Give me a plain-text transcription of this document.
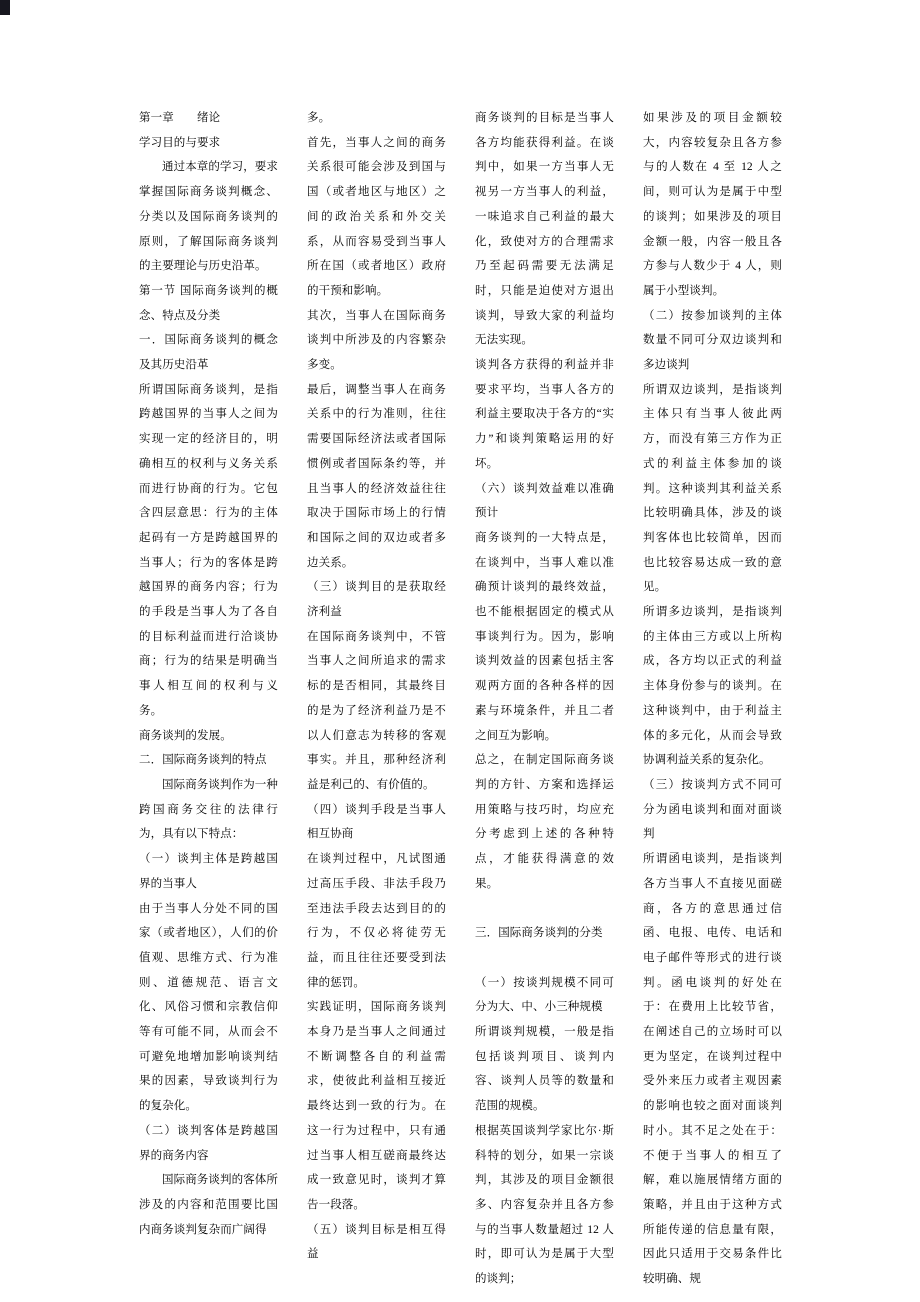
第一章　　绪论

学习目的与要求

通过本章的学习，要求掌握国际商务谈判概念、分类以及国际商务谈判的原则，了解国际商务谈判的主要理论与历史沿革。

第一节 国际商务谈判的概念、特点及分类

一．国际商务谈判的概念及其历史沿革

所谓国际商务谈判，是指跨越国界的当事人之间为实现一定的经济目的，明确相互的权利与义务关系而进行协商的行为。它包含四层意思：行为的主体起码有一方是跨越国界的当事人；行为的客体是跨越国界的商务内容；行为的手段是当事人为了各自的目标利益而进行洽谈协商；行为的结果是明确当事人相互间的权利与义务。

商务谈判的发展。

二．国际商务谈判的特点

国际商务谈判作为一种跨国商务交往的法律行为，具有以下特点：

（一）谈判主体是跨越国界的当事人

由于当事人分处不同的国家（或者地区），人们的价值观、思维方式、行为准则、道德规范、语言文化、风俗习惯和宗教信仰等有可能不同，从而会不可避免地增加影响谈判结果的因素，导致谈判行为的复杂化。

（二）谈判客体是跨越国界的商务内容

国际商务谈判的客体所涉及的内容和范围要比国内商务谈判复杂而广阔得

多。

首先，当事人之间的商务关系很可能会涉及到国与国（或者地区与地区）之间的政治关系和外交关系，从而容易受到当事人所在国（或者地区）政府的干预和影响。

其次，当事人在国际商务谈判中所涉及的内容繁杂多变。

最后，调整当事人在商务关系中的行为准则，往往需要国际经济法或者国际惯例或者国际条约等，并且当事人的经济效益往往取决于国际市场上的行情和国际之间的双边或者多边关系。

（三）谈判目的是获取经济利益

在国际商务谈判中，不管当事人之间所追求的需求标的是否相同，其最终目的是为了经济利益乃是不以人们意志为转移的客观事实。并且，那种经济利益是利己的、有价值的。

（四）谈判手段是当事人相互协商

在谈判过程中，凡试图通过高压手段、非法手段乃至违法手段去达到目的的行为，不仅必将徒劳无益，而且往往还要受到法律的惩罚。

实践证明，国际商务谈判本身乃是当事人之间通过不断调整各自的利益需求，使彼此利益相互接近最终达到一致的行为。在这一行为过程中，只有通过当事人相互磋商最终达成一致意见时，谈判才算告一段落。

（五）谈判目标是相互得益

商务谈判的目标是当事人各方均能获得利益。在谈判中，如果一方当事人无视另一方当事人的利益，一味追求自己利益的最大化，致使对方的合理需求乃至起码需要无法满足时，只能是迫使对方退出谈判，导致大家的利益均无法实现。

谈判各方获得的利益并非要求平均，当事人各方的利益主要取决于各方的“实力”和谈判策略运用的好坏。

（六）谈判效益难以准确预计

商务谈判的一大特点是，在谈判中，当事人难以准确预计谈判的最终效益，也不能根据固定的模式从事谈判行为。因为，影响谈判效益的因素包括主客观两方面的各种各样的因素与环境条件，并且二者之间互为影响。

总之，在制定国际商务谈判的方针、方案和选择运用策略与技巧时，均应充分考虑到上述的各种特点，才能获得满意的效果。

三．国际商务谈判的分类

（一）按谈判规模不同可分为大、中、小三种规模

所谓谈判规模，一般是指包括谈判项目、谈判内容、谈判人员等的数量和范围的规模。

根据英国谈判学家比尔·斯科特的划分，如果一宗谈判，其涉及的项目金额很多、内容复杂并且各方参与的当事人数量超过 12 人时，即可认为是属于大型的谈判；

如果涉及的项目金额较大，内容较复杂且各方参与的人数在 4 至 12 人之间，则可认为是属于中型的谈判；如果涉及的项目金额一般，内容一般且各方参与人数少于 4 人，则属于小型谈判。

（二）按参加谈判的主体数量不同可分双边谈判和多边谈判

所谓双边谈判，是指谈判主体只有当事人彼此两方，而没有第三方作为正式的利益主体参加的谈判。这种谈判其利益关系比较明确具体，涉及的谈判客体也比较简单，因而也比较容易达成一致的意见。

所谓多边谈判，是指谈判的主体由三方或以上所构成，各方均以正式的利益主体身份参与的谈判。在这种谈判中，由于利益主体的多元化，从而会导致协调利益关系的复杂化。

（三）按谈判方式不同可分为函电谈判和面对面谈判

所谓函电谈判，是指谈判各方当事人不直接见面磋商，各方的意思通过信函、电报、电传、电话和电子邮件等形式的进行谈判。函电谈判的好处在于：在费用上比较节省，在阐述自己的立场时可以更为坚定，在谈判过程中受外来压力或者主观因素的影响也较之面对面谈判时小。其不足之处在于：不便于当事人的相互了解，难以施展情绪方面的策略，并且由于这种方式所能传递的信息量有限，因此只适用于交易条件比较明确、规
